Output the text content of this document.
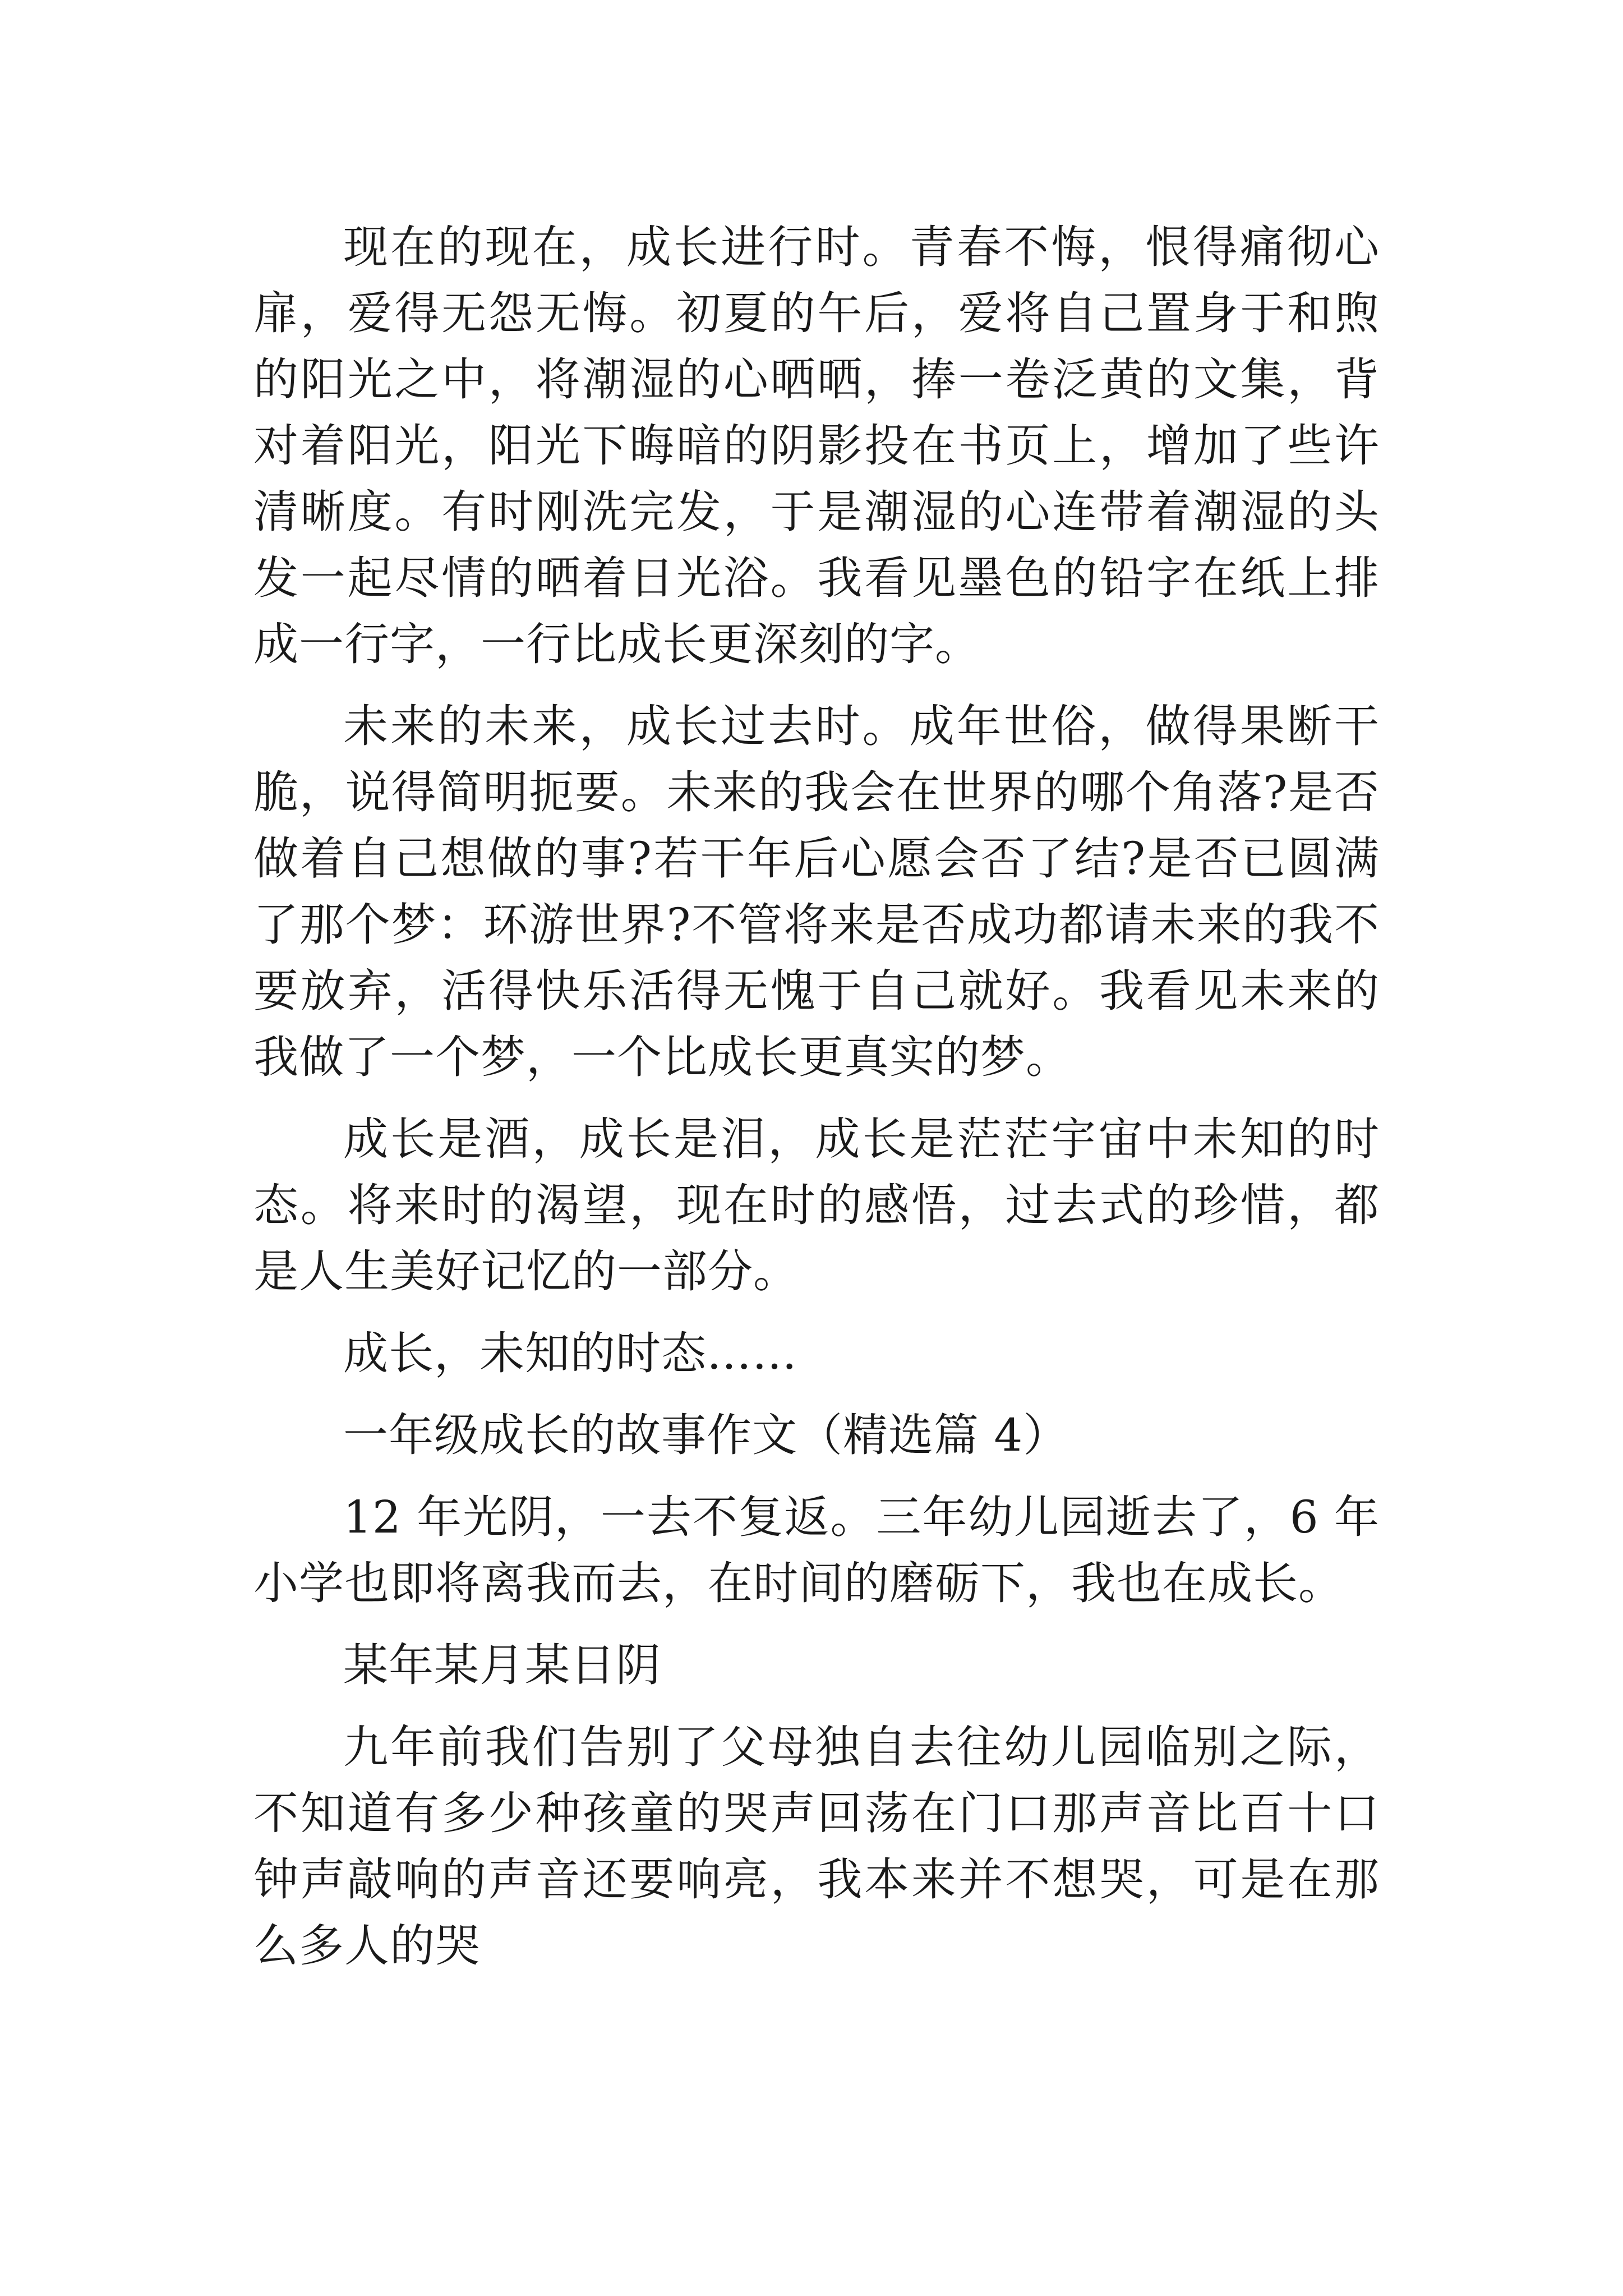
现在的现在，成长进行时。青春不悔，恨得痛彻心扉，爱得无怨无悔。初夏的午后，爱将自己置身于和煦的阳光之中，将潮湿的心晒晒，捧一卷泛黄的文集，背对着阳光，阳光下晦暗的阴影投在书页上，增加了些许清晰度。有时刚洗完发，于是潮湿的心连带着潮湿的头发一起尽情的晒着日光浴。我看见墨色的铅字在纸上排成一行字，一行比成长更深刻的字。

未来的未来，成长过去时。成年世俗，做得果断干脆，说得简明扼要。未来的我会在世界的哪个角落?是否做着自己想做的事?若干年后心愿会否了结?是否已圆满了那个梦：环游世界?不管将来是否成功都请未来的我不要放弃，活得快乐活得无愧于自己就好。我看见未来的我做了一个梦，一个比成长更真实的梦。

成长是酒，成长是泪，成长是茫茫宇宙中未知的时态。将来时的渴望，现在时的感悟，过去式的珍惜，都是人生美好记忆的一部分。

成长，未知的时态……

一年级成长的故事作文（精选篇 4）

12 年光阴，一去不复返。三年幼儿园逝去了，6 年小学也即将离我而去，在时间的磨砺下，我也在成长。

某年某月某日阴

九年前我们告别了父母独自去往幼儿园临别之际，不知道有多少种孩童的哭声回荡在门口那声音比百十口钟声敲响的声音还要响亮，我本来并不想哭，可是在那么多人的哭
